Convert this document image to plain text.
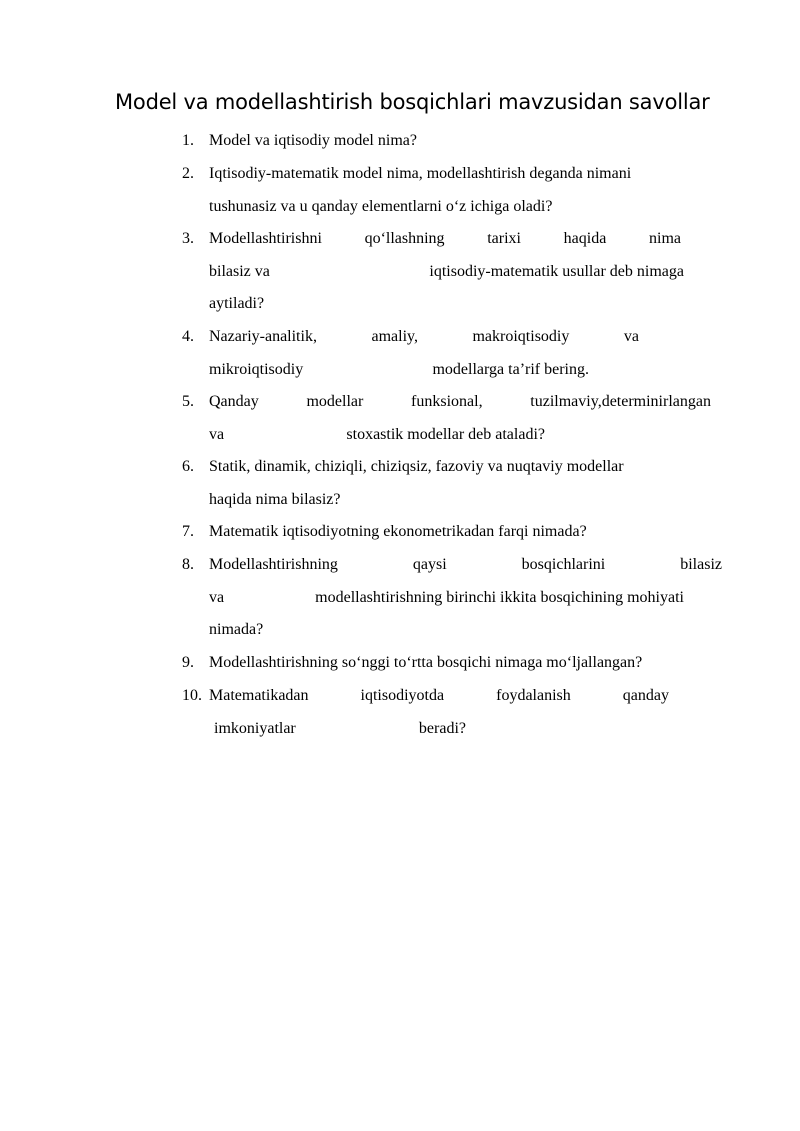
Model va modellashtirish bosqichlari mavzusidan savollar
1. Model va iqtisodiy model nima?
2. Iqtisodiy-matematik model nima, modellashtirish deganda nimani
tushunasiz va u qanday elementlarni o‘z ichiga oladi?
3. Modellashtirishni	qo‘llashning	tarixi	haqida	nima
bilasiz va	iqtisodiy-matematik usullar deb nimaga
aytiladi?
4. Nazariy-analitik,	amaliy,	makroiqtisodiy	va
mikroiqtisodiy	modellarga ta’rif bering.
5. Qanday	modellar	funksional,	tuzilmaviy,determinirlangan
va	stoxastik modellar deb ataladi?
6. Statik, dinamik, chiziqli, chiziqsiz, fazoviy va nuqtaviy modellar
haqida nima bilasiz?
7. Matematik iqtisodiyotning ekonometrikadan farqi nimada?
8. Modellashtirishning	qaysi	bosqichlarini	bilasiz
va	modellashtirishning birinchi ikkita bosqichining mohiyati
nimada?
9. Modellashtirishning so‘nggi to‘rtta bosqichi nimaga mo‘ljallangan?
10. Matematikadan	iqtisodiyotda	foydalanish	qanday
imkoniyatlar	beradi?
